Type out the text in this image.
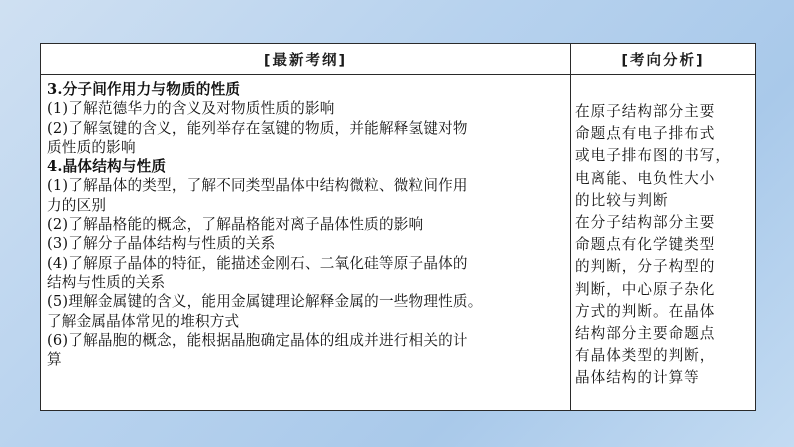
[最新考纲]	[考向分析]
3.分子间作用力与物质的性质
(1)了解范德华力的含义及对物质性质的影响
(2)了解氢键的含义，能列举存在氢键的物质，并能解释氢键对物
质性质的影响
4.晶体结构与性质
(1)了解晶体的类型，了解不同类型晶体中结构微粒、微粒间作用
力的区别
(2)了解晶格能的概念，了解晶格能对离子晶体性质的影响
(3)了解分子晶体结构与性质的关系
(4)了解原子晶体的特征，能描述金刚石、二氧化硅等原子晶体的
结构与性质的关系
(5)理解金属键的含义，能用金属键理论解释金属的一些物理性质。
了解金属晶体常见的堆积方式
(6)了解晶胞的概念，能根据晶胞确定晶体的组成并进行相关的计
算
在原子结构部分主要
命题点有电子排布式
或电子排布图的书写，
电离能、电负性大小
的比较与判断
在分子结构部分主要
命题点有化学键类型
的判断，分子构型的
判断，中心原子杂化
方式的判断。在晶体
结构部分主要命题点
有晶体类型的判断，
晶体结构的计算等
